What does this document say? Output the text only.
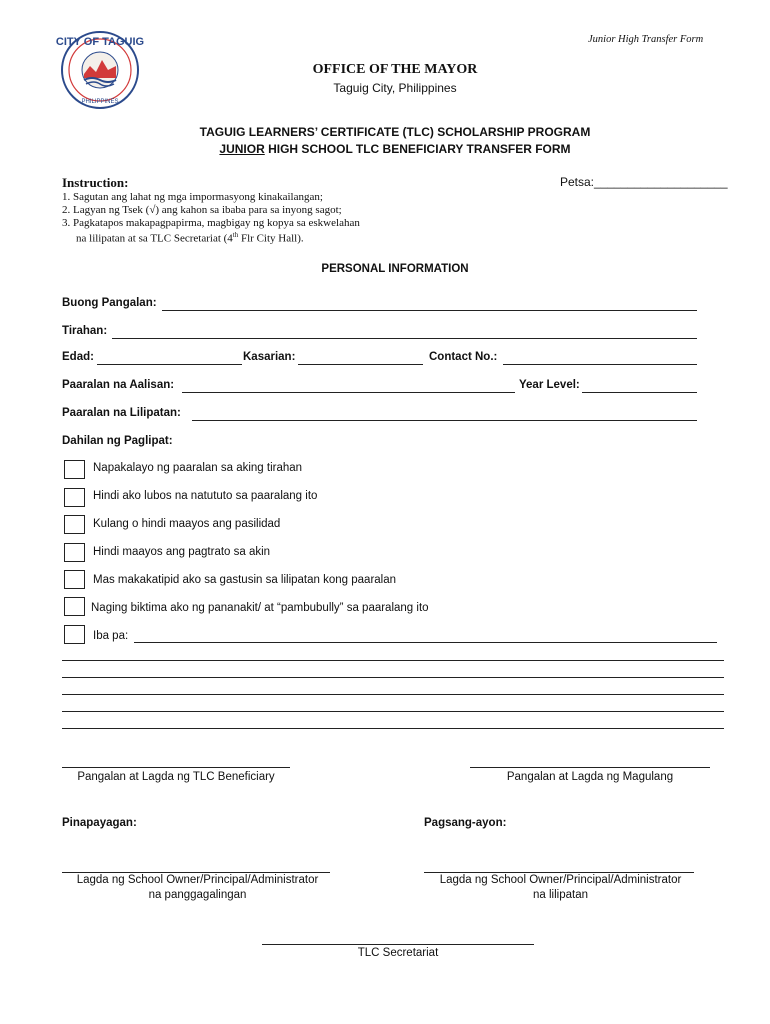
Junior High Transfer Form
CITY OF TAGUIG
PHILIPPINES
OFFICE OF THE MAYOR
Taguig City, Philippines
TAGUIG LEARNERS’ CERTIFICATE (TLC) SCHOLARSHIP PROGRAM
JUNIOR HIGH SCHOOL TLC BENEFICIARY TRANSFER FORM
Instruction:	Petsa:____________________
1. Sagutan ang lahat ng mga impormasyong kinakailangan;
2. Lagyan ng Tsek (√) ang kahon sa ibaba para sa inyong sagot;
3. Pagkatapos makapagpapirma, magbigay ng kopya sa eskwelahan
na lilipatan at sa TLC Secretariat (4th Flr City Hall).
PERSONAL INFORMATION
Buong Pangalan:
Tirahan:
Edad:	Kasarian:	Contact No.:
Paaralan na Aalisan:	Year Level:
Paaralan na Lilipatan:
Dahilan ng Paglipat:
Napakalayo ng paaralan sa aking tirahan
Hindi ako lubos na natututo sa paaralang ito
Kulang o hindi maayos ang pasilidad
Hindi maayos ang pagtrato sa akin
Mas makakatipid ako sa gastusin sa lilipatan kong paaralan
Naging biktima ako ng pananakit/ at “pambubully” sa paaralang ito
Iba pa:
Pangalan at Lagda ng TLC Beneficiary	Pangalan at Lagda ng Magulang
Pinapayagan:	Pagsang-ayon:
Lagda ng School Owner/Principal/Administrator
na panggagalingan
Lagda ng School Owner/Principal/Administrator
na lilipatan
TLC Secretariat
